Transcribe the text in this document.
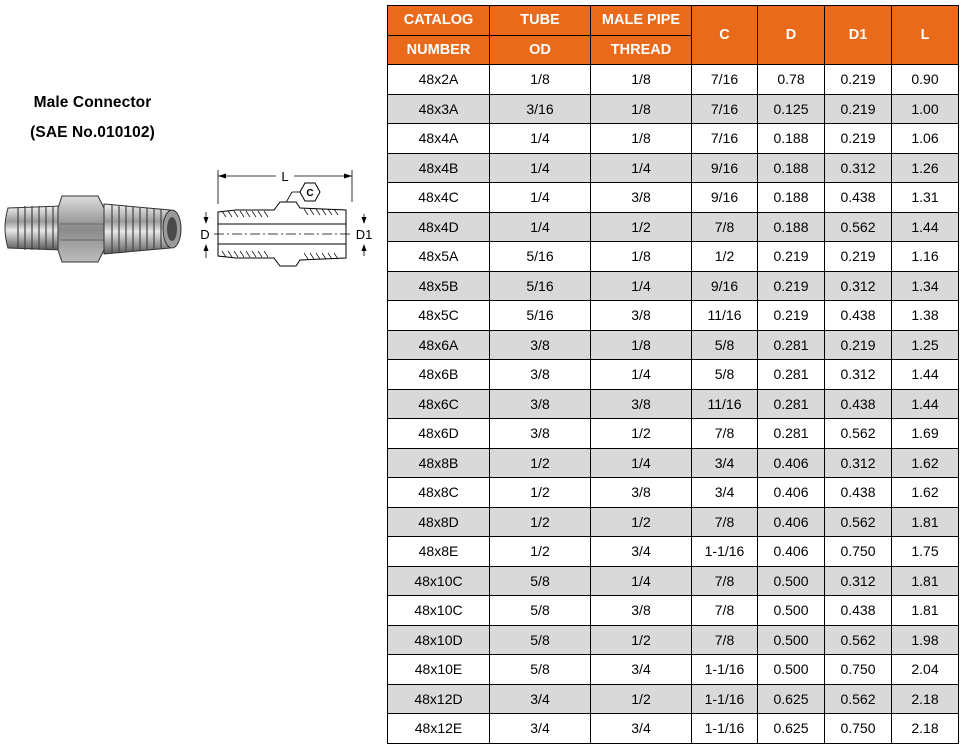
Male Connector
(SAE No.010102)
L
C
D	D1
CATALOG	TUBE	MALE PIPE	C	D	D1	L
NUMBER	OD	THREAD				
48x2A	1/8	1/8	7/16	0.78	0.219	0.90
48x3A	3/16	1/8	7/16	0.125	0.219	1.00
48x4A	1/4	1/8	7/16	0.188	0.219	1.06
48x4B	1/4	1/4	9/16	0.188	0.312	1.26
48x4C	1/4	3/8	9/16	0.188	0.438	1.31
48x4D	1/4	1/2	7/8	0.188	0.562	1.44
48x5A	5/16	1/8	1/2	0.219	0.219	1.16
48x5B	5/16	1/4	9/16	0.219	0.312	1.34
48x5C	5/16	3/8	11/16	0.219	0.438	1.38
48x6A	3/8	1/8	5/8	0.281	0.219	1.25
48x6B	3/8	1/4	5/8	0.281	0.312	1.44
48x6C	3/8	3/8	11/16	0.281	0.438	1.44
48x6D	3/8	1/2	7/8	0.281	0.562	1.69
48x8B	1/2	1/4	3/4	0.406	0.312	1.62
48x8C	1/2	3/8	3/4	0.406	0.438	1.62
48x8D	1/2	1/2	7/8	0.406	0.562	1.81
48x8E	1/2	3/4	1-1/16	0.406	0.750	1.75
48x10C	5/8	1/4	7/8	0.500	0.312	1.81
48x10C	5/8	3/8	7/8	0.500	0.438	1.81
48x10D	5/8	1/2	7/8	0.500	0.562	1.98
48x10E	5/8	3/4	1-1/16	0.500	0.750	2.04
48x12D	3/4	1/2	1-1/16	0.625	0.562	2.18
48x12E	3/4	3/4	1-1/16	0.625	0.750	2.18
